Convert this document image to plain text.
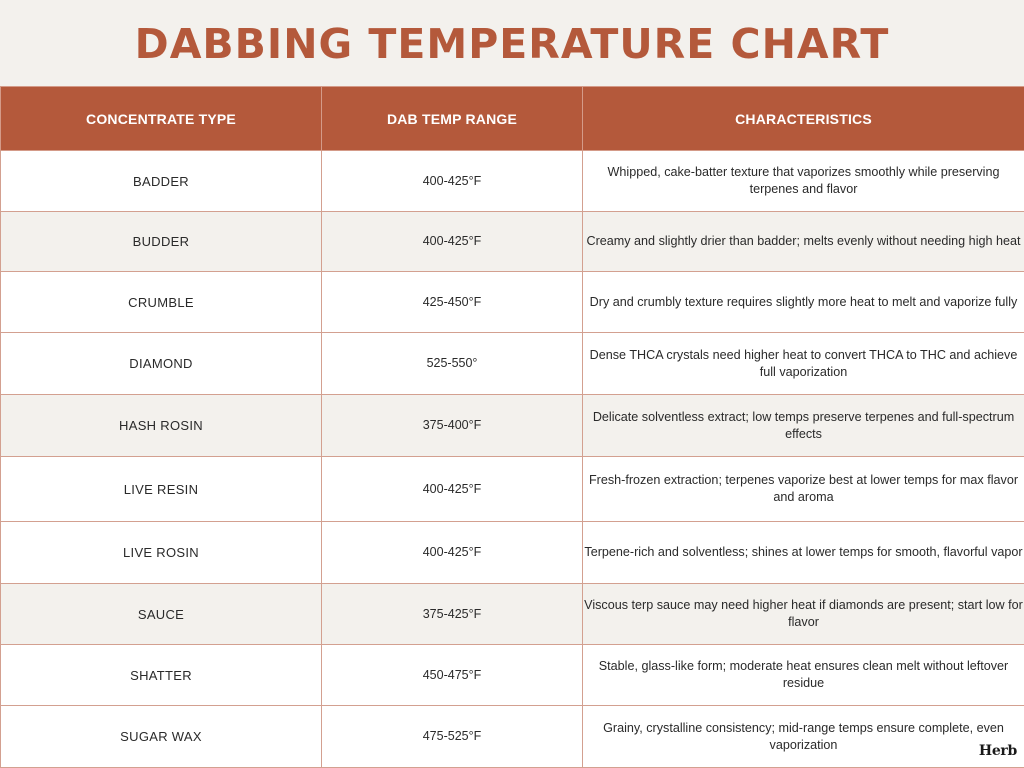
DABBING TEMPERATURE CHART
CONCENTRATE TYPE	DAB TEMP RANGE	CHARACTERISTICS
BADDER	400-425°F	Whipped, cake-batter texture that vaporizes smoothly while preserving terpenes and flavor
BUDDER	400-425°F	Creamy and slightly drier than badder; melts evenly without needing high heat
CRUMBLE	425-450°F	Dry and crumbly texture requires slightly more heat to melt and vaporize fully
DIAMOND	525-550°	Dense THCA crystals need higher heat to convert THCA to THC and achieve full vaporization
HASH ROSIN	375-400°F	Delicate solventless extract; low temps preserve terpenes and full-spectrum effects
LIVE RESIN	400-425°F	Fresh-frozen extraction; terpenes vaporize best at lower temps for max flavor and aroma
LIVE ROSIN	400-425°F	Terpene-rich and solventless; shines at lower temps for smooth, flavorful vapor
SAUCE	375-425°F	Viscous terp sauce may need higher heat if diamonds are present; start low for flavor
SHATTER	450-475°F	Stable, glass-like form; moderate heat ensures clean melt without leftover residue
SUGAR WAX	475-525°F	Grainy, crystalline consistency; mid-range temps ensure complete, even vaporization	Herb
